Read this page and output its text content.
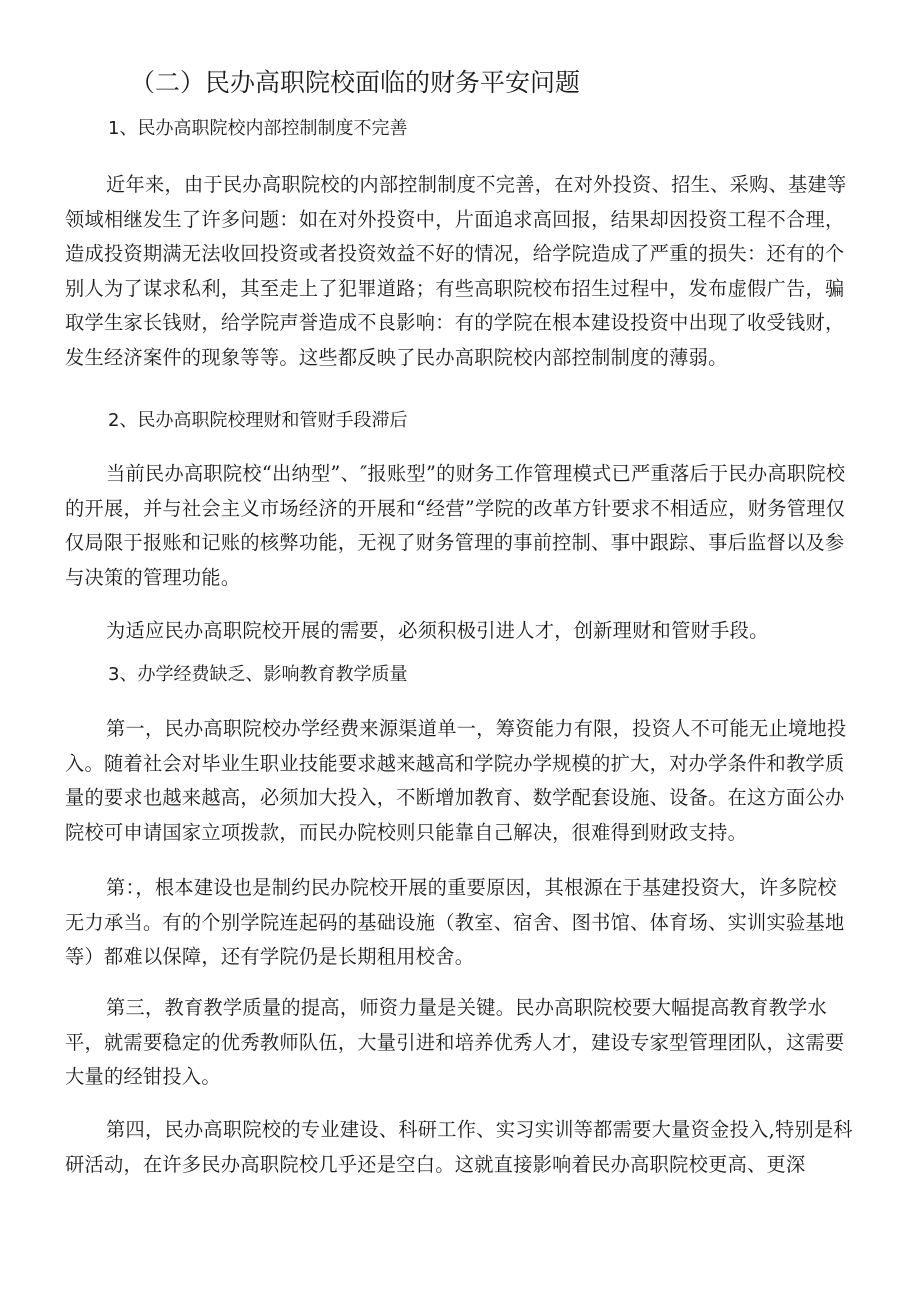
（二）民办高职院校面临的财务平安问题
1、民办高职院校内部控制制度不完善

近年来，由于民办高职院校的内部控制制度不完善，在对外投资、招生、采购、基建等领域相继发生了许多问题：如在对外投资中，片面追求高回报，结果却因投资工程不合理，造成投资期满无法收回投资或者投资效益不好的情况，给学院造成了严重的损失：还有的个别人为了谋求私利，其至走上了犯罪道路；有些高职院校布招生过程中，发布虚假广告，骗取学生家长钱财，给学院声誉造成不良影响：有的学院在根本建设投资中出现了收受钱财，发生经济案件的现象等等。这些都反映了民办高职院校内部控制制度的薄弱。

2、民办高职院校理财和管财手段滞后

当前民办高职院校“出纳型”、″报账型”的财务工作管理模式已严重落后于民办高职院校的开展，并与社会主义市场经济的开展和“经营”学院的改革方针要求不相适应，财务管理仅仅局限于报账和记账的核弊功能，无视了财务管理的事前控制、事中跟踪、事后监督以及参与决策的管理功能。

为适应民办高职院校开展的需要，必须积极引进人才，创新理财和管财手段。
3、办学经费缺乏、影响教育教学质量

第一，民办高职院校办学经费来源渠道单一，筹资能力有限，投资人不可能无止境地投入。随着社会对毕业生职业技能要求越来越高和学院办学规模的扩大，对办学条件和教学质量的要求也越来越高，必须加大投入，不断增加教育、数学配套设施、设备。在这方面公办院校可申请国家立项拨款，而民办院校则只能靠自己解决，很难得到财政支持。

第：，根本建设也是制约民办院校开展的重要原因，其根源在于基建投资大，许多院校无力承当。有的个别学院连起码的基础设施（教室、宿舍、图书馆、体育场、实训实验基地等）都难以保障，还有学院仍是长期租用校舍。

第三，教育教学质量的提高，师资力量是关键。民办高职院校要大幅提高教育教学水平，就需要稳定的优秀教师队伍，大量引进和培养优秀人才，建设专家型管理团队，这需要大量的经钳投入。

第四，民办高职院校的专业建设、科研工作、实习实训等都需要大量资金投入,特别是科研活动，在许多民办高职院校几乎还是空白。这就直接影响着民办高职院校更高、更深
